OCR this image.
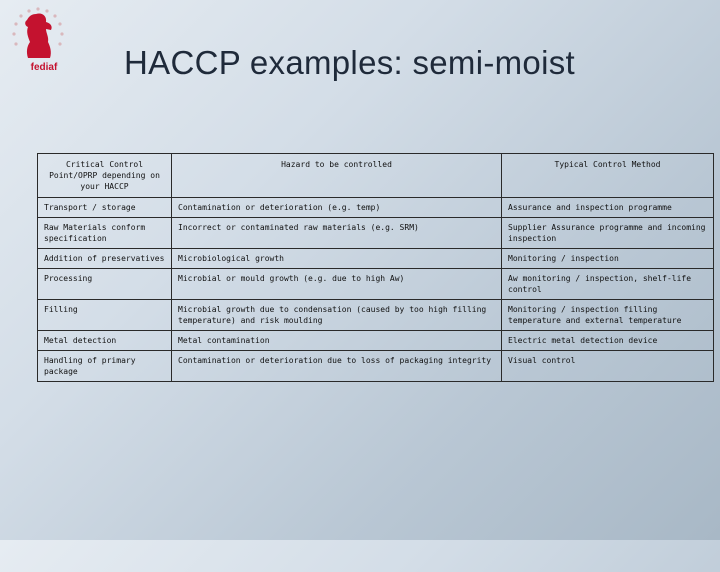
fediaf	HACCP examples: semi-moist
Critical Control Point/OPRP depending on your HACCP	Hazard to be controlled	Typical Control Method
Transport / storage	Contamination or deterioration (e.g. temp)	Assurance and inspection programme
Raw Materials conform specification	Incorrect or contaminated raw materials (e.g. SRM)	Supplier Assurance programme and incoming inspection
Addition of preservatives	Microbiological growth	Monitoring / inspection
Processing	Microbial or mould growth (e.g. due to high Aw)	Aw monitoring / inspection, shelf-life control
Filling	Microbial growth due to condensation (caused by too high filling temperature) and risk moulding	Monitoring / inspection filling temperature and external temperature
Metal detection	Metal contamination	Electric metal detection device
Handling of primary package	Contamination or deterioration due to loss of packaging integrity	Visual control
